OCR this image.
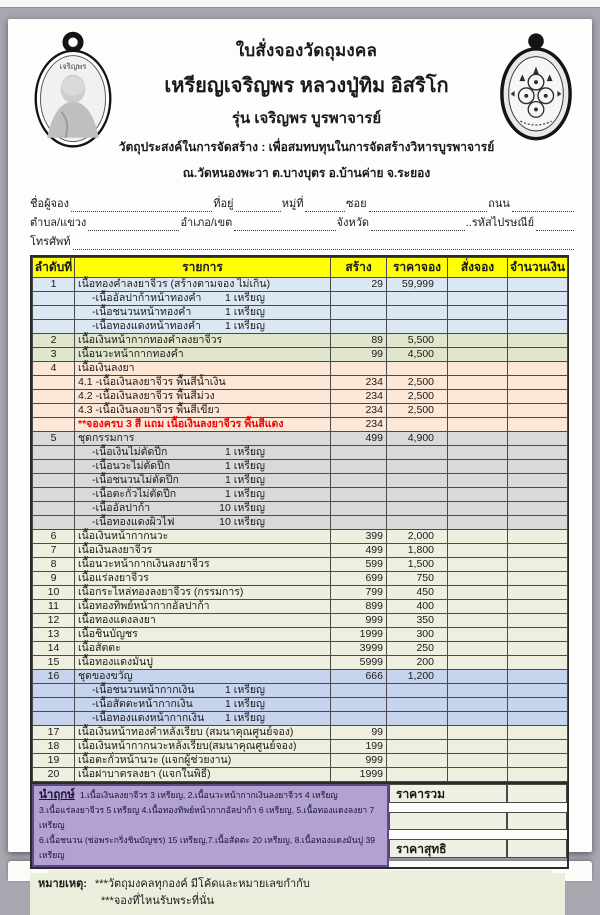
เจริญพร
ใบสั่งจองวัดถุมงคล
เหรียญเจริญพร หลวงปู่ทิม อิสริโก
รุ่น เจริญพร บูรพาจารย์
วัตถุประสงค์ในการจัดสร้าง : เพื่อสมทบทุนในการจัดสร้างวิหารบูรพาจารย์
ณ.วัดหนองพะวา ต.บางบุตร อ.บ้านค่าย จ.ระยอง
ชื่อผู้จอง	ที่อยู่	หมู่ที่	ซอย	ถนน
ตำบล/แขวง	อำเภอ/เขต	จังหวัด	..รหัสไปรษณีย์
โทรศัพท์
ลำดับที่	รายการ	สร้าง	ราคาจอง	สั่งจอง	จำนวนเงิน
1	เนื้อทองคำลงยาจีวร (สร้างตามจอง ไม่เกิน)	29	59,999		
	-เนื้ออัลปาก้าหน้าทองคำ 1 เหรียญ				

	-เนื้อชนวนหน้าทองคำ 1 เหรียญ				

	-เนื้อทองแดงหน้าทองคำ 1 เหรียญ				

2	เนื้อเงินหน้ากากทองคำลงยาจีวร	89	5,500		
3	เนื้อนวะหน้ากากทองคำ	99	4,500		
4	เนื้อเงินลงยา

	4.1 -เนื้อเงินลงยาจีวร พื้นสีน้ำเงิน	234	2,500		
	4.2 -เนื้อเงินลงยาจีวร พื้นสีม่วง	234	2,500		
	4.3 -เนื้อเงินลงยาจีวร พื้นสีเขียว	234	2,500		
	**จองครบ 3 สี แถม เนื้อเงินลงยาจีวร พื้นสีแดง	234			
5	ชุดกรรมการ	499	4,900		
	-เนื้อเงินไม่ตัดปีก 1 เหรียญ				

	-เนื้อนวะไม่ตัดปีก 1 เหรียญ				

	-เนื้อชนวนไม่ตัดปีก 1 เหรียญ				

	-เนื้อตะกั่วไม่ตัดปีก 1 เหรียญ				

	-เนื้ออัลปาก้า 10 เหรียญ				

	-เนื้อทองแดงผิวไฟ 10 เหรียญ				

6	เนื้อเงินหน้ากากนวะ	399	2,000		
7	เนื้อเงินลงยาจีวร	499	1,800		
8	เนื้อนวะหน้ากากเงินลงยาจีวร	599	1,500		
9	เนื้อแร่ลงยาจีวร	699	750		
10	เนื้อกระไหล่ทองลงยาจีวร (กรรมการ)	799	450		
11	เนื้อทองทิพย์หน้ากากอัลปาก้า	899	400		
12	เนื้อทองแดงลงยา	999	350		
13	เนื้อชินบัญชร	1999	300		
14	เนื้อสัตตะ	3999	250		
15	เนื้อทองแดงมันปู	5999	200		
16	ชุดของขวัญ	666	1,200		
	-เนื้อชนวนหน้ากากเงิน 1 เหรียญ				

	-เนื้อสัตตะหน้ากากเงิน 1 เหรียญ				

	-เนื้อทองแดงหน้ากากเงิน 1 เหรียญ				

17	เนื้อเงินหน้าทองคำหลังเรียบ (สมนาคุณศูนย์จอง)	99			
18	เนื้อเงินหน้ากากนวะหลังเรียบ(สมนาคุณศูนย์จอง)	199			
19	เนื้อตะกั่วหน้านวะ (แจกผู้ช่วยงาน)	999			
20	เนื้อฝาบาตรลงยา (แจกในพิธี)	1999			
นำฤกษ์ 1.เนื้อเงินลงยาจีวร 3 เหรียญ, 2.เนื้อนวะหน้ากากเงินลงยาจีวร 4 เหรียญ
3.เนื้อแร่ลงยาจีวร 5 เหรียญ 4.เนื้อทองทิพย์หน้ากากอัลปาก้า 6 เหรียญ, 5.เนื้อทองแดงลงยา 7 เหรียญ
6.เนื้อชนวน (ช่อพระกริ่งชินบัญชร) 15 เหรียญ,7.เนื้อสัตตะ 20 เหรียญ, 8.เนื้อทองแดงมันปู 39 เหรียญ
ราคารวม
ราคาสุทธิ
หมายเหตุ: ***วัตถุมงคลทุกองค์ มีโค้ดและหมายเลขกำกับ
***จองที่ไหนรับพระที่นั่น
